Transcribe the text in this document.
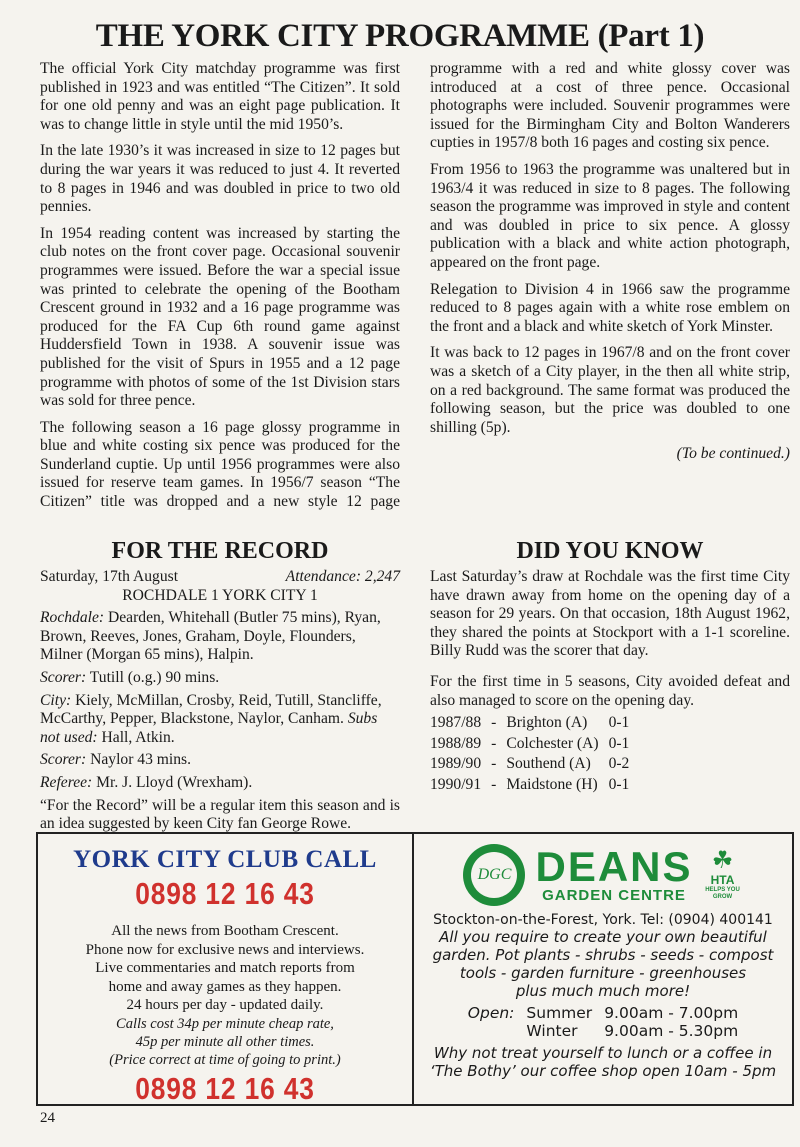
THE YORK CITY PROGRAMME (Part 1)

The official York City matchday programme was first published in 1923 and was entitled “The Citizen”. It sold for one old penny and was an eight page publication. It was to change little in style until the mid 1950’s.

In the late 1930’s it was increased in size to 12 pages but during the war years it was reduced to just 4. It reverted to 8 pages in 1946 and was doubled in price to two old pennies.

In 1954 reading content was increased by starting the club notes on the front cover page. Occasional souvenir programmes were issued. Before the war a special issue was printed to celebrate the opening of the Bootham Crescent ground in 1932 and a 16 page programme was produced for the FA Cup 6th round game against Huddersfield Town in 1938. A souvenir issue was published for the visit of Spurs in 1955 and a 12 page programme with photos of some of the 1st Division stars was sold for three pence.

The following season a 16 page glossy programme in blue and white costing six pence was produced for the Sunderland cuptie. Up until 1956 programmes were also issued for reserve team games. In 1956/7 season “The Citizen” title was dropped and a new style 12 page programme with a red and white glossy cover was introduced at a cost of three pence. Occasional photographs were included. Souvenir programmes were issued for the Birmingham City and Bolton Wanderers cupties in 1957/8 both 16 pages and costing six pence.

From 1956 to 1963 the programme was unaltered but in 1963/4 it was reduced in size to 8 pages. The following season the programme was improved in style and content and was doubled in price to six pence. A glossy publication with a black and white action photograph, appeared on the front page.

Relegation to Division 4 in 1966 saw the programme reduced to 8 pages again with a white rose emblem on the front and a black and white sketch of York Minster.

It was back to 12 pages in 1967/8 and on the front cover was a sketch of a City player, in the then all white strip, on a red background. The same format was produced the following season, but the price was doubled to one shilling (5p).

(To be continued.)

FOR THE RECORD
Saturday, 17th August	Attendance: 2,247

ROCHDALE 1 YORK CITY 1

Rochdale: Dearden, Whitehall (Butler 75 mins), Ryan, Brown, Reeves, Jones, Graham, Doyle, Flounders, Milner (Morgan 65 mins), Halpin.

Scorer: Tutill (o.g.) 90 mins.

City: Kiely, McMillan, Crosby, Reid, Tutill, Stancliffe, McCarthy, Pepper, Blackstone, Naylor, Canham. Subs not used: Hall, Atkin.

Scorer: Naylor 43 mins.

Referee: Mr. J. Lloyd (Wrexham).

“For the Record” will be a regular item this season and is an idea suggested by keen City fan George Rowe.

DID YOU KNOW

Last Saturday’s draw at Rochdale was the first time City have drawn away from home on the opening day of a season for 29 years. On that occasion, 18th August 1962, they shared the points at Stockport with a 1-1 scoreline. Billy Rudd was the scorer that day.

For the first time in 5 seasons, City avoided defeat and also managed to score on the opening day.

1987/88	-	Brighton (A)	0-1
1988/89	-	Colchester (A)	0-1
1989/90	-	Southend (A)	0-2
1990/91	-	Maidstone (H)	0-1
YORK CITY CLUB CALL
0898 12 16 43
All the news from Bootham Crescent.
Phone now for exclusive news and interviews.
Live commentaries and match reports from
home and away games as they happen.
24 hours per day - updated daily.
Calls cost 34p per minute cheap rate,
45p per minute all other times.
(Price correct at time of going to print.)
0898 12 16 43
DGC DEANS
GARDEN CENTRE
☘
HTA
HELPS YOU GROW
Stockton-on-the-Forest, York. Tel: (0904) 400141
All you require to create your own beautiful
garden. Pot plants - shrubs - seeds - compost
tools - garden furniture - greenhouses
plus much much more!
Open: Summer 9.00am - 7.00pm
Winter	9.00am - 5.30pm
Why not treat yourself to lunch or a coffee in
‘The Bothy’ our coffee shop open 10am - 5pm
24
